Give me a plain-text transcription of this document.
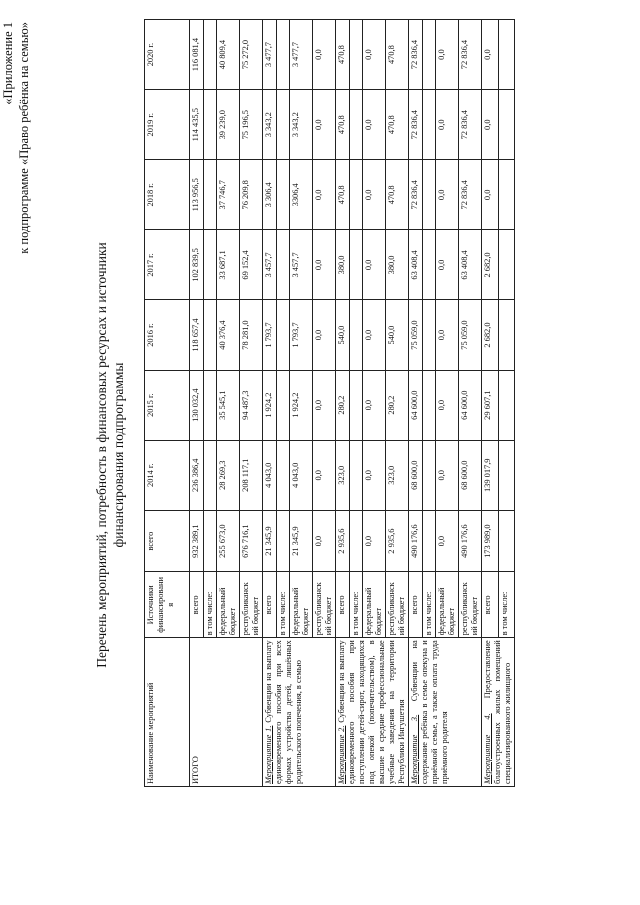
«Приложение 1 к подпрограмме «Право ребёнка на семью»
Перечень мероприятий, потребность в финансовых ресурсах и источники финансирования подпрограммы
Наименование мероприятий	Источники финансировани я	всего	2014 г.	2015 г.	2016 г.	2017 г.	2018 г.	2019 г.	2020 г.
ИТОГО	всего	932 389,1	236 386,4	130 032,4	118 657,4	102 839,5	113 956,5	114 435,5	116 081,4
	в том числе:								
	федеральный бюджет	255 673,0	28 269,3	35 545,1	40 376,4	33 687,1	37 746,7	39 239,0	40 809,4
	республиканск ий бюджет	676 716,1	208 117,1	94 487,3	78 281,0	69 152,4	76 209,8	75 196,5	75 272,0
Мероприятие 1. Субвенции на выплату единовременного пособия при всех формах устройства детей, лишённых родительского попечения, в семью	всего	21 345,9	4 043,0	1 924,2	1 793,7	3 457,7	3 306,4	3 343,2	3 477,7
	в том числе:								
	федеральный бюджет	21 345,9	4 043,0	1 924,2	1 793,7	3 457,7	3306,4	3 343,2	3 477,7
	республиканск ий бюджет	0,0	0,0	0,0	0,0	0,0	0,0	0,0	0,0
Мероприятие 2. Субвенции на выплату единовременного пособия при поступлении детей-сирот, находящихся под опекой (попечительством), в высшие и средние профессиональные учебные заведения на территории Республики Ингушетия	всего	2 935,6	323,0	280,2	540,0	380,0	470,8	470,8	470,8
	в том числе:								
	федеральный бюджет	0,0	0,0	0,0	0,0	0,0	0,0	0,0	0,0
	республиканск ий бюджет	2 935,6	323,0	280,2	540,0	380,0	470,8	470,8	470,8
Мероприятие 3. Субвенции на содержание ребёнка в семье опекуна и приёмной семье, а также оплата труда приёмного родителя	всего	490 176,6	68 600,0	64 600,0	75 059,0	63 408,4	72 836,4	72 836,4	72 836,4
	в том числе:								
	федеральный бюджет	0,0	0,0	0,0	0,0	0,0	0,0	0,0	0,0
	республиканск ий бюджет	490 176,6	68 600,0	64 600,0	75 059,0	63 408,4	72 836,4	72 836,4	72 836,4
Мероприятие 4. Предоставление благоустроенных жилых помещений специализированного жилищного	всего	173 989,0	139 017,9	29 607,1	2 682,0	2 682,0	0,0	0,0	0,0
	в том числе:								
